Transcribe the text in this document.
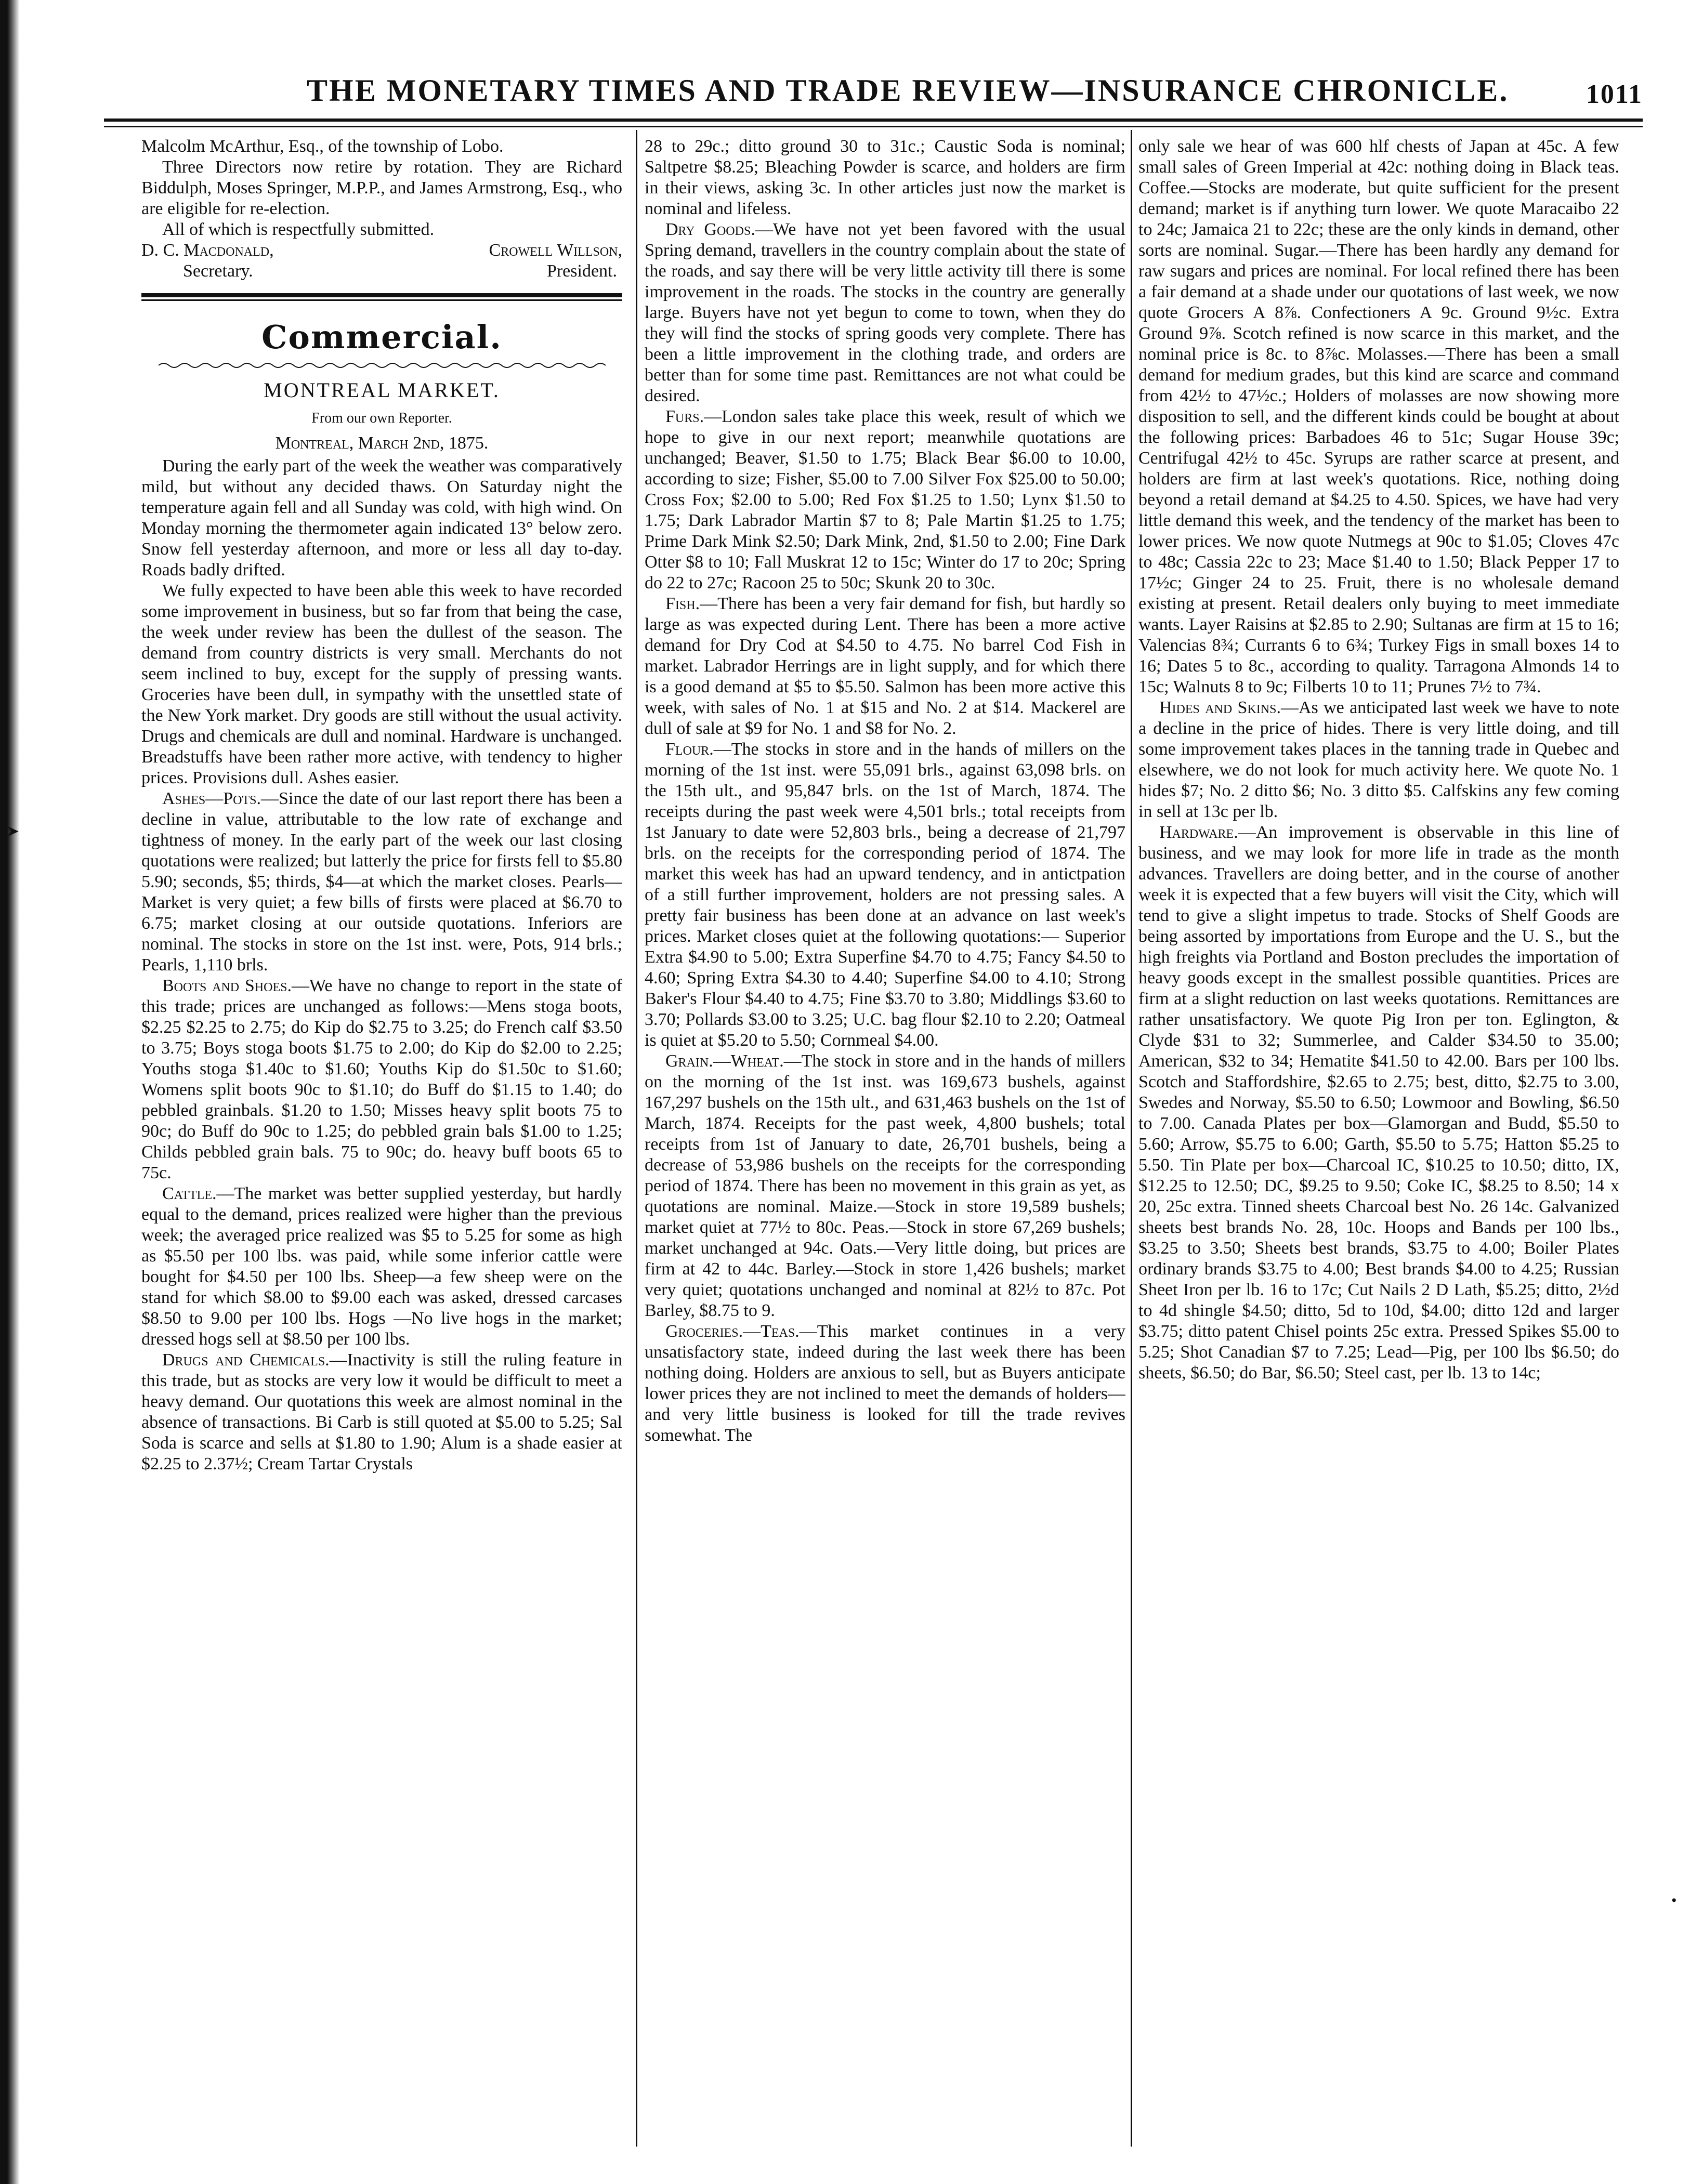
THE MONETARY TIMES AND TRADE REVIEW—INSURANCE CHRONICLE.	1011
➤
•

Malcolm McArthur, Esq., of the township of Lobo.

Three Directors now retire by rotation. They are Richard Biddulph, Moses Springer, M.P.P., and James Armstrong, Esq., who are eligible for re-election.

All of which is respectfully submitted.

D. C. Macdonald,	Crowell Willson,
Secretary.	President.
Commercial.
MONTREAL MARKET.
From our own Reporter.
Montreal, March 2nd, 1875.

During the early part of the week the weather was comparatively mild, but without any decided thaws. On Saturday night the temperature again fell and all Sunday was cold, with high wind. On Monday morning the thermometer again indicated 13° below zero. Snow fell yesterday afternoon, and more or less all day to-day. Roads badly drifted.

We fully expected to have been able this week to have recorded some improvement in business, but so far from that being the case, the week under review has been the dullest of the season. The demand from country districts is very small. Merchants do not seem inclined to buy, except for the supply of pressing wants. Groceries have been dull, in sympathy with the unsettled state of the New York market. Dry goods are still without the usual activity. Drugs and chemicals are dull and nominal. Hardware is unchanged. Breadstuffs have been rather more active, with tendency to higher prices. Provisions dull. Ashes easier.

Ashes—Pots.—Since the date of our last report there has been a decline in value, attributable to the low rate of exchange and tightness of money. In the early part of the week our last closing quotations were realized; but latterly the price for firsts fell to $5.80 5.90; seconds, $5; thirds, $4—at which the market closes. Pearls—Market is very quiet; a few bills of firsts were placed at $6.70 to 6.75; market closing at our outside quotations. Inferiors are nominal. The stocks in store on the 1st inst. were, Pots, 914 brls.; Pearls, 1,110 brls.

Boots and Shoes.—We have no change to report in the state of this trade; prices are unchanged as follows:—Mens stoga boots, $2.25 $2.25 to 2.75; do Kip do $2.75 to 3.25; do French calf $3.50 to 3.75; Boys stoga boots $1.75 to 2.00; do Kip do $2.00 to 2.25; Youths stoga $1.40c to $1.60; Youths Kip do $1.50c to $1.60; Womens split boots 90c to $1.10; do Buff do $1.15 to 1.40; do pebbled grainbals. $1.20 to 1.50; Misses heavy split boots 75 to 90c; do Buff do 90c to 1.25; do pebbled grain bals $1.00 to 1.25; Childs pebbled grain bals. 75 to 90c; do. heavy buff boots 65 to 75c.

Cattle.—The market was better supplied yesterday, but hardly equal to the demand, prices realized were higher than the previous week; the averaged price realized was $5 to 5.25 for some as high as $5.50 per 100 lbs. was paid, while some inferior cattle were bought for $4.50 per 100 lbs. Sheep—a few sheep were on the stand for which $8.00 to $9.00 each was asked, dressed carcases $8.50 to 9.00 per 100 lbs. Hogs —No live hogs in the market; dressed hogs sell at $8.50 per 100 lbs.

Drugs and Chemicals.—Inactivity is still the ruling feature in this trade, but as stocks are very low it would be difficult to meet a heavy demand. Our quotations this week are almost nominal in the absence of transactions. Bi Carb is still quoted at $5.00 to 5.25; Sal Soda is scarce and sells at $1.80 to 1.90; Alum is a shade easier at $2.25 to 2.37½; Cream Tartar Crystals

28 to 29c.; ditto ground 30 to 31c.; Caustic Soda is nominal; Saltpetre $8.25; Bleaching Powder is scarce, and holders are firm in their views, asking 3c. In other articles just now the market is nominal and lifeless.

Dry Goods.—We have not yet been favored with the usual Spring demand, travellers in the country complain about the state of the roads, and say there will be very little activity till there is some improvement in the roads. The stocks in the country are generally large. Buyers have not yet begun to come to town, when they do they will find the stocks of spring goods very complete. There has been a little improvement in the clothing trade, and orders are better than for some time past. Remittances are not what could be desired.

Furs.—London sales take place this week, result of which we hope to give in our next report; meanwhile quotations are unchanged; Beaver, $1.50 to 1.75; Black Bear $6.00 to 10.00, according to size; Fisher, $5.00 to 7.00 Silver Fox $25.00 to 50.00; Cross Fox; $2.00 to 5.00; Red Fox $1.25 to 1.50; Lynx $1.50 to 1.75; Dark Labrador Martin $7 to 8; Pale Martin $1.25 to 1.75; Prime Dark Mink $2.50; Dark Mink, 2nd, $1.50 to 2.00; Fine Dark Otter $8 to 10; Fall Muskrat 12 to 15c; Winter do 17 to 20c; Spring do 22 to 27c; Racoon 25 to 50c; Skunk 20 to 30c.

Fish.—There has been a very fair demand for fish, but hardly so large as was expected during Lent. There has been a more active demand for Dry Cod at $4.50 to 4.75. No barrel Cod Fish in market. Labrador Herrings are in light supply, and for which there is a good demand at $5 to $5.50. Salmon has been more active this week, with sales of No. 1 at $15 and No. 2 at $14. Mackerel are dull of sale at $9 for No. 1 and $8 for No. 2.

Flour.—The stocks in store and in the hands of millers on the morning of the 1st inst. were 55,091 brls., against 63,098 brls. on the 15th ult., and 95,847 brls. on the 1st of March, 1874. The receipts during the past week were 4,501 brls.; total receipts from 1st January to date were 52,803 brls., being a decrease of 21,797 brls. on the receipts for the corresponding period of 1874. The market this week has had an upward tendency, and in antictpation of a still further improvement, holders are not pressing sales. A pretty fair business has been done at an advance on last week's prices. Market closes quiet at the following quotations:— Superior Extra $4.90 to 5.00; Extra Superfine $4.70 to 4.75; Fancy $4.50 to 4.60; Spring Extra $4.30 to 4.40; Superfine $4.00 to 4.10; Strong Baker's Flour $4.40 to 4.75; Fine $3.70 to 3.80; Middlings $3.60 to 3.70; Pollards $3.00 to 3.25; U.C. bag flour $2.10 to 2.20; Oatmeal is quiet at $5.20 to 5.50; Cornmeal $4.00.

Grain.—Wheat.—The stock in store and in the hands of millers on the morning of the 1st inst. was 169,673 bushels, against 167,297 bushels on the 15th ult., and 631,463 bushels on the 1st of March, 1874. Receipts for the past week, 4,800 bushels; total receipts from 1st of January to date, 26,701 bushels, being a decrease of 53,986 bushels on the receipts for the corresponding period of 1874. There has been no movement in this grain as yet, as quotations are nominal. Maize.—Stock in store 19,589 bushels; market quiet at 77½ to 80c. Peas.—Stock in store 67,269 bushels; market unchanged at 94c. Oats.—Very little doing, but prices are firm at 42 to 44c. Barley.—Stock in store 1,426 bushels; market very quiet; quotations unchanged and nominal at 82½ to 87c. Pot Barley, $8.75 to 9.

Groceries.—Teas.—This market continues in a very unsatisfactory state, indeed during the last week there has been nothing doing. Holders are anxious to sell, but as Buyers anticipate lower prices they are not inclined to meet the demands of holders—and very little business is looked for till the trade revives somewhat. The

only sale we hear of was 600 hlf chests of Japan at 45c. A few small sales of Green Imperial at 42c: nothing doing in Black teas. Coffee.—Stocks are moderate, but quite sufficient for the present demand; market is if anything turn lower. We quote Maracaibo 22 to 24c; Jamaica 21 to 22c; these are the only kinds in demand, other sorts are nominal. Sugar.—There has been hardly any demand for raw sugars and prices are nominal. For local refined there has been a fair demand at a shade under our quotations of last week, we now quote Grocers A 8⅞. Confectioners A 9c. Ground 9½c. Extra Ground 9⅞. Scotch refined is now scarce in this market, and the nominal price is 8c. to 8⅞c. Molasses.—There has been a small demand for medium grades, but this kind are scarce and command from 42½ to 47½c.; Holders of molasses are now showing more disposition to sell, and the different kinds could be bought at about the following prices: Barbadoes 46 to 51c; Sugar House 39c; Centrifugal 42½ to 45c. Syrups are rather scarce at present, and holders are firm at last week's quotations. Rice, nothing doing beyond a retail demand at $4.25 to 4.50. Spices, we have had very little demand this week, and the tendency of the market has been to lower prices. We now quote Nutmegs at 90c to $1.05; Cloves 47c to 48c; Cassia 22c to 23; Mace $1.40 to 1.50; Black Pepper 17 to 17½c; Ginger 24 to 25. Fruit, there is no wholesale demand existing at present. Retail dealers only buying to meet immediate wants. Layer Raisins at $2.85 to 2.90; Sultanas are firm at 15 to 16; Valencias 8¾; Currants 6 to 6¾; Turkey Figs in small boxes 14 to 16; Dates 5 to 8c., according to quality. Tarragona Almonds 14 to 15c; Walnuts 8 to 9c; Filberts 10 to 11; Prunes 7½ to 7¾.

Hides and Skins.—As we anticipated last week we have to note a decline in the price of hides. There is very little doing, and till some improvement takes places in the tanning trade in Quebec and elsewhere, we do not look for much activity here. We quote No. 1 hides $7; No. 2 ditto $6; No. 3 ditto $5. Calfskins any few coming in sell at 13c per lb.

Hardware.—An improvement is observable in this line of business, and we may look for more life in trade as the month advances. Travellers are doing better, and in the course of another week it is expected that a few buyers will visit the City, which will tend to give a slight impetus to trade. Stocks of Shelf Goods are being assorted by importations from Europe and the U. S., but the high freights via Portland and Boston precludes the importation of heavy goods except in the smallest possible quantities. Prices are firm at a slight reduction on last weeks quotations. Remittances are rather unsatisfactory. We quote Pig Iron per ton. Eglington, & Clyde $31 to 32; Summerlee, and Calder $34.50 to 35.00; American, $32 to 34; Hematite $41.50 to 42.00. Bars per 100 lbs. Scotch and Staffordshire, $2.65 to 2.75; best, ditto, $2.75 to 3.00, Swedes and Norway, $5.50 to 6.50; Lowmoor and Bowling, $6.50 to 7.00. Canada Plates per box—Glamorgan and Budd, $5.50 to 5.60; Arrow, $5.75 to 6.00; Garth, $5.50 to 5.75; Hatton $5.25 to 5.50. Tin Plate per box—Charcoal IC, $10.25 to 10.50; ditto, IX, $12.25 to 12.50; DC, $9.25 to 9.50; Coke IC, $8.25 to 8.50; 14 x 20, 25c extra. Tinned sheets Charcoal best No. 26 14c. Galvanized sheets best brands No. 28, 10c. Hoops and Bands per 100 lbs., $3.25 to 3.50; Sheets best brands, $3.75 to 4.00; Boiler Plates ordinary brands $3.75 to 4.00; Best brands $4.00 to 4.25; Russian Sheet Iron per lb. 16 to 17c; Cut Nails 2 D Lath, $5.25; ditto, 2½d to 4d shingle $4.50; ditto, 5d to 10d, $4.00; ditto 12d and larger $3.75; ditto patent Chisel points 25c extra. Pressed Spikes $5.00 to 5.25; Shot Canadian $7 to 7.25; Lead—Pig, per 100 lbs $6.50; do sheets, $6.50; do Bar, $6.50; Steel cast, per lb. 13 to 14c;
